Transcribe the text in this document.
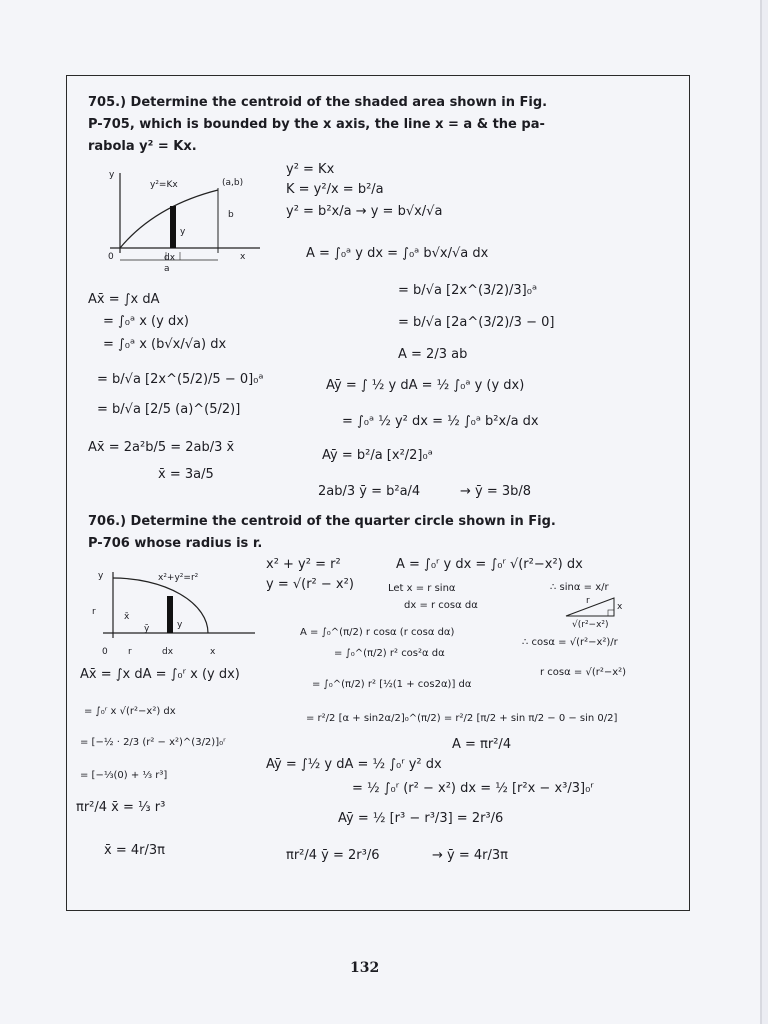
705.) Determine the centroid of the shaded area shown in Fig.
P-705, which is bounded by the x axis, the line x = a & the pa-
rabola y² = Kx.
y
y²=Kx	(a,b)
b
y
0	x
dx
a
y² = Kx
K = y²/x = b²/a
y² = b²x/a → y = b√x/√a
A = ∫₀ᵃ y dx = ∫₀ᵃ b√x/√a dx
= b/√a [2x^(3/2)/3]₀ᵃ
= b/√a [2a^(3/2)/3 − 0]
A = 2/3 ab
Aȳ = ∫ ½ y dA = ½ ∫₀ᵃ y (y dx)
= ∫₀ᵃ ½ y² dx = ½ ∫₀ᵃ b²x/a dx
Aȳ = b²/a [x²/2]₀ᵃ
2ab/3 ȳ = b²a/4	→ ȳ = 3b/8
Ax̄ = ∫x dA
= ∫₀ᵃ x (y dx)
= ∫₀ᵃ x (b√x/√a) dx
= b/√a [2x^(5/2)/5 − 0]₀ᵃ
= b/√a [2/5 (a)^(5/2)]
Ax̄ = 2a²b/5 = 2ab/3 x̄
x̄ = 3a/5
706.) Determine the centroid of the quarter circle shown in Fig.
P-706 whose radius is r.
y	x²+y²=r²
r	x̄
ȳ	y
0 r	dx	x
x² + y² = r²
y = √(r² − x²)
A = ∫₀ʳ y dx = ∫₀ʳ √(r²−x²) dx
Let x = r sinα
dx = r cosα dα
∴ sinα = x/r
A = ∫₀^(π/2) r cosα (r cosα dα)
= ∫₀^(π/2) r² cos²α dα
∴ cosα = √(r²−x²)/r
r cosα = √(r²−x²)
= ∫₀^(π/2) r² [½(1 + cos2α)] dα
= r²/2 [α + sin2α/2]₀^(π/2) = r²/2 [π/2 + sin π/2 − 0 − sin 0/2]
A = πr²/4
Aȳ = ∫½ y dA = ½ ∫₀ʳ y² dx
= ½ ∫₀ʳ (r² − x²) dx = ½ [r²x − x³/3]₀ʳ
Aȳ = ½ [r³ − r³/3] = 2r³/6
πr²/4 ȳ = 2r³/6	→ ȳ = 4r/3π
r
x
√(r²−x²)
Ax̄ = ∫x dA = ∫₀ʳ x (y dx)
= ∫₀ʳ x √(r²−x²) dx
= [−½ · 2/3 (r² − x²)^(3/2)]₀ʳ
= [−⅓(0) + ⅓ r³]
πr²/4 x̄ = ⅓ r³
x̄ = 4r/3π
132
